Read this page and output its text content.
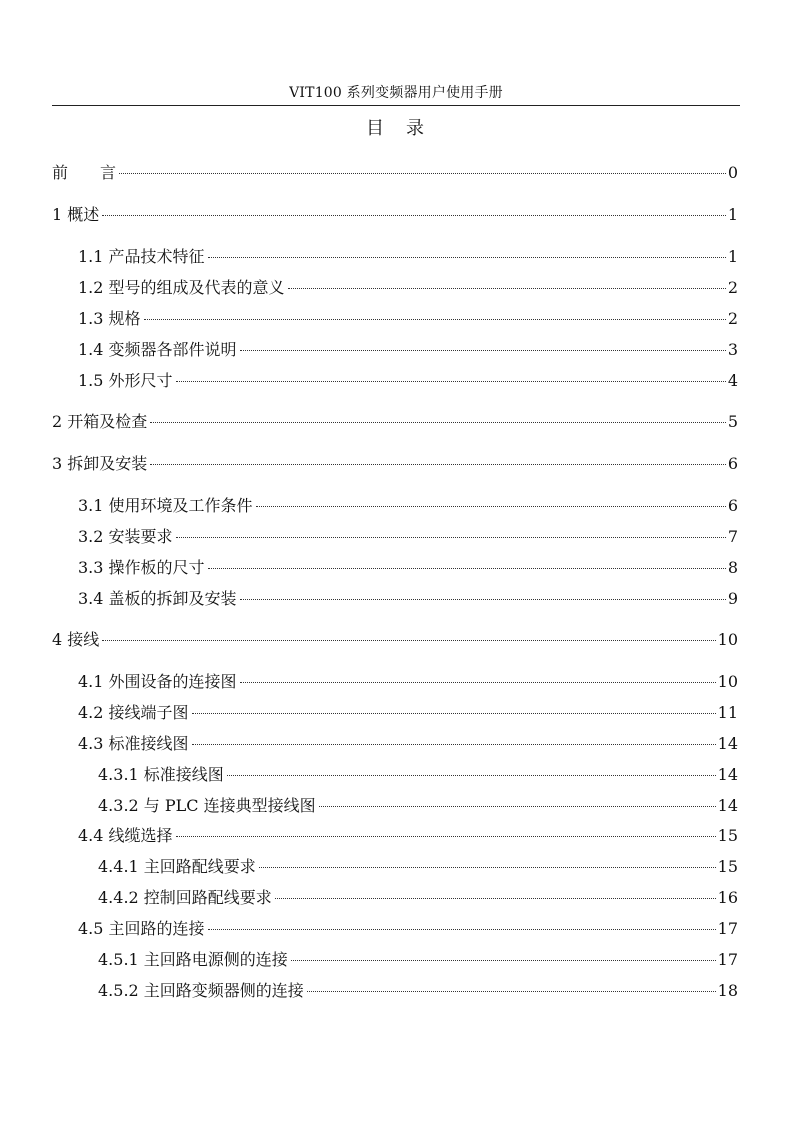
VIT100 系列变频器用户使用手册
目　录
前　　言	0
1 概述	1
1.1 产品技术特征	1
1.2 型号的组成及代表的意义	2
1.3 规格	2
1.4 变频器各部件说明	3
1.5 外形尺寸	4
2 开箱及检查	5
3 拆卸及安装	6
3.1 使用环境及工作条件	6
3.2 安装要求	7
3.3 操作板的尺寸	8
3.4 盖板的拆卸及安装	9
4 接线	10
4.1 外围设备的连接图	10
4.2 接线端子图	11
4.3 标准接线图	14
4.3.1 标准接线图	14
4.3.2 与 PLC 连接典型接线图	14
4.4 线缆选择	15
4.4.1 主回路配线要求	15
4.4.2 控制回路配线要求	16
4.5 主回路的连接	17
4.5.1 主回路电源侧的连接	17
4.5.2 主回路变频器侧的连接	18
